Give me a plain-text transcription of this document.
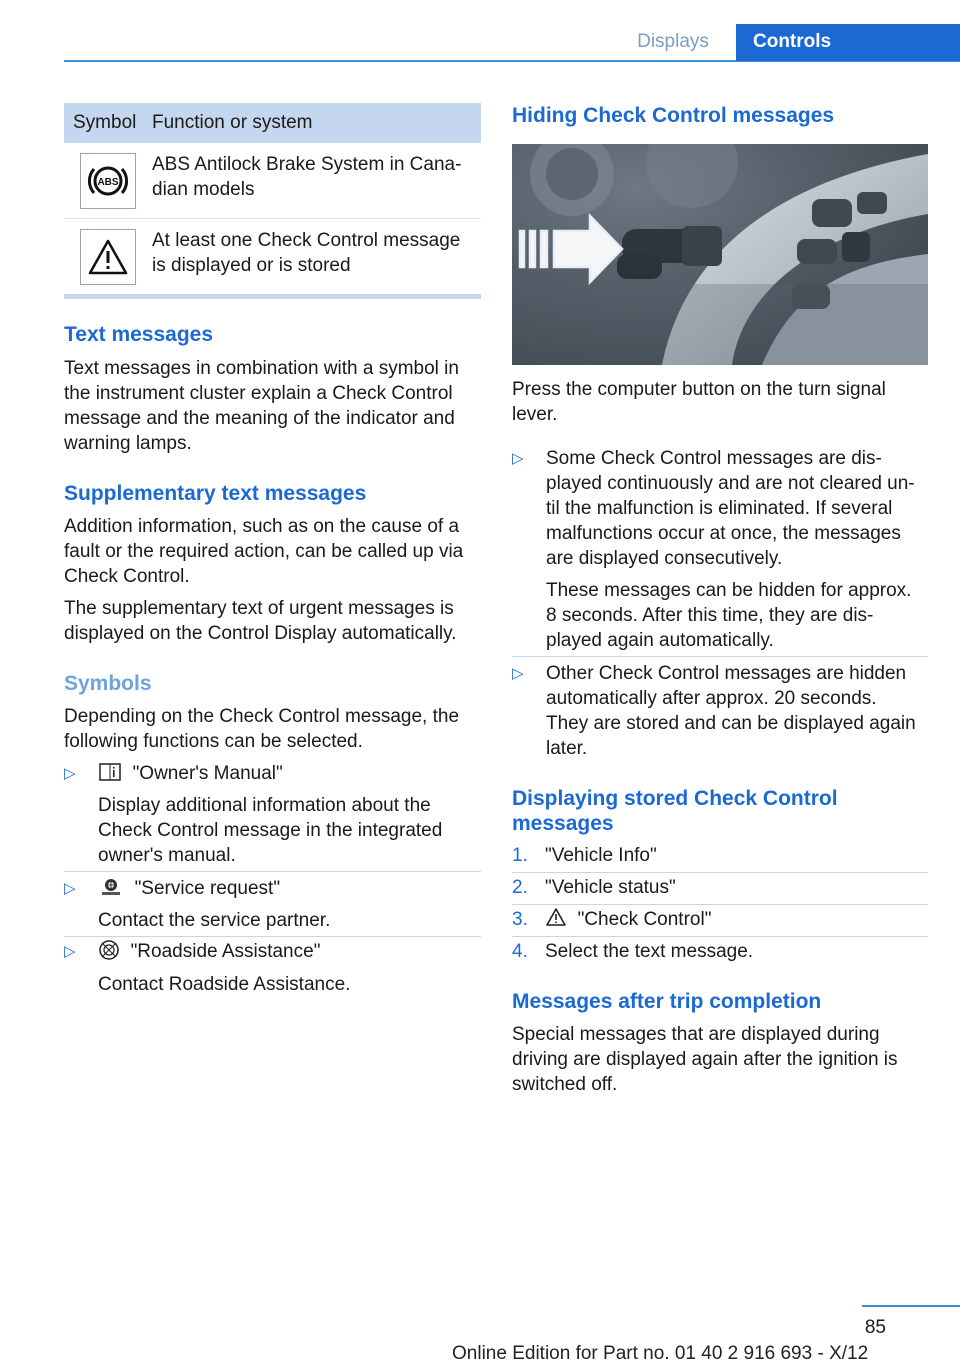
Displays	Controls
Symbol Function or system
ABS
ABS Antilock Brake System in Cana-
dian models
At least one Check Control message
is displayed or is stored
Text messages
Text messages in combination with a symbol in
the instrument cluster explain a Check Control
message and the meaning of the indicator and
warning lamps.
Supplementary text messages
Addition information, such as on the cause of a
fault or the required action, can be called up via
Check Control.
The supplementary text of urgent messages is
displayed on the Control Display automatically.
Symbols
Depending on the Check Control message, the
following functions can be selected.
▷	"Owner's Manual"
Display additional information about the
Check Control message in the integrated
owner's manual.
▷	"Service request"
Contact the service partner.
▷	"Roadside Assistance"
Contact Roadside Assistance.
Hiding Check Control messages
Press the computer button on the turn signal
lever.
▷ Some Check Control messages are dis-
played continuously and are not cleared un-
til the malfunction is eliminated. If several
malfunctions occur at once, the messages
are displayed consecutively.
These messages can be hidden for approx.
8 seconds. After this time, they are dis-
played again automatically.
▷ Other Check Control messages are hidden
automatically after approx. 20 seconds.
They are stored and can be displayed again
later.
Displaying stored Check Control
messages
1. "Vehicle Info"
2. "Vehicle status"
3.	"Check Control"
4. Select the text message.
Messages after trip completion
Special messages that are displayed during
driving are displayed again after the ignition is
switched off.
85
Online Edition for Part no. 01 40 2 916 693 - X/12
